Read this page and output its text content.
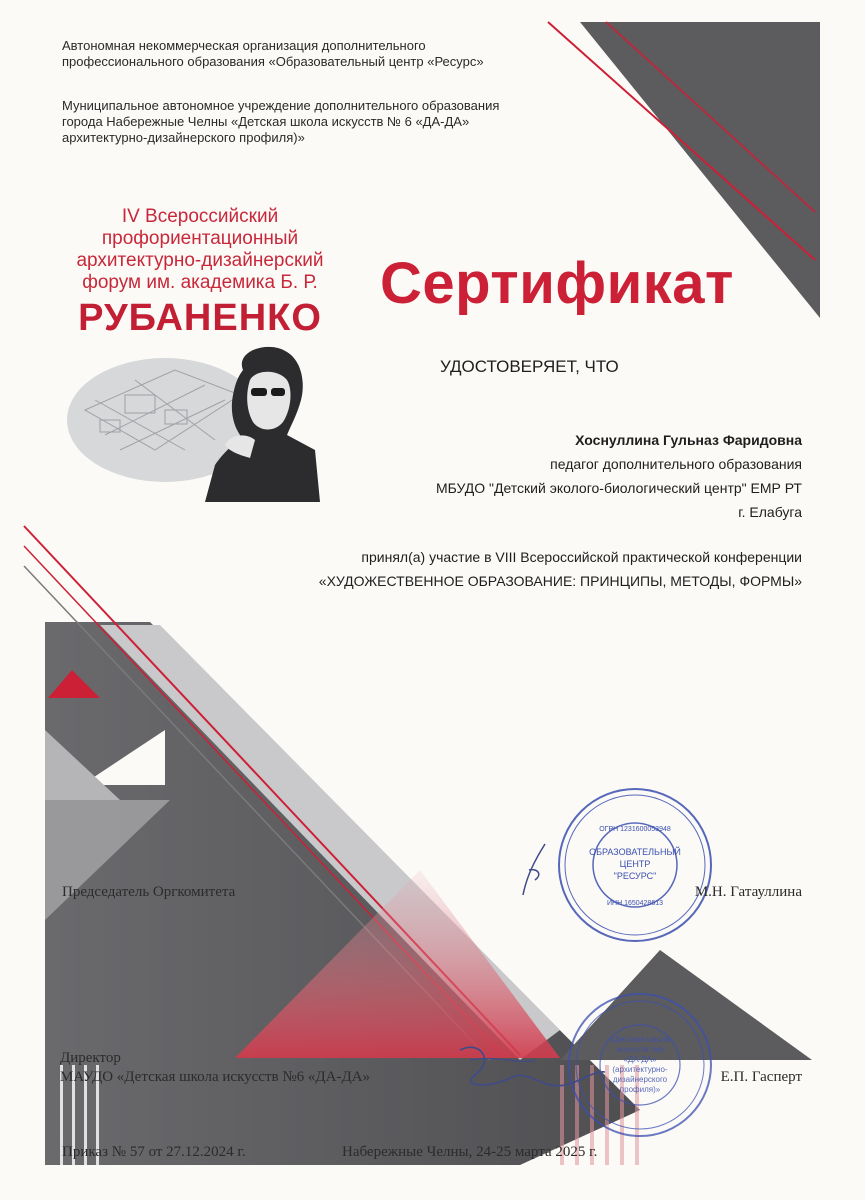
Автономная некоммерческая организация дополнительного

профессионального образования «Образовательный центр «Ресурс»

Муниципальное автономное учреждение дополнительного образования

города Набережные Челны «Детская школа искусств № 6 «ДА-ДА»

архитектурно-дизайнерского профиля)»

IV Всероссийский
профориентационный
архитектурно-дизайнерский
форум им. академика Б. Р.
РУБАНЕНКО
Сертификат
УДОСТОВЕРЯЕТ, ЧТО
Хоснуллина Гульназ Фаридовна
педагог дополнительного образования
МБУДО "Детский эколого-биологический центр" ЕМР РТ
г. Елабуга
принял(а) участие в VIII Всероссийской практической конференции
«ХУДОЖЕСТВЕННОЕ ОБРАЗОВАНИЕ: ПРИНЦИПЫ, МЕТОДЫ, ФОРМЫ»
ОБРАЗОВАТЕЛЬНЫЙ
ЦЕНТР
"РЕСУРС"
ОГРН 1231600053948
ИНН 1650428613
«Детская школа
искусств №6
«ДА-ДА»
(архитектурно-
дизайнерского
профиля)»

Председатель Оргкомитета	М.Н. Гатауллина

Директор

МАУДО «Детская школа искусств №6 «ДА-ДА»	Е.П. Гасперт

Приказ № 57 от 27.12.2024 г.	Набережные Челны, 24-25 марта 2025 г.
